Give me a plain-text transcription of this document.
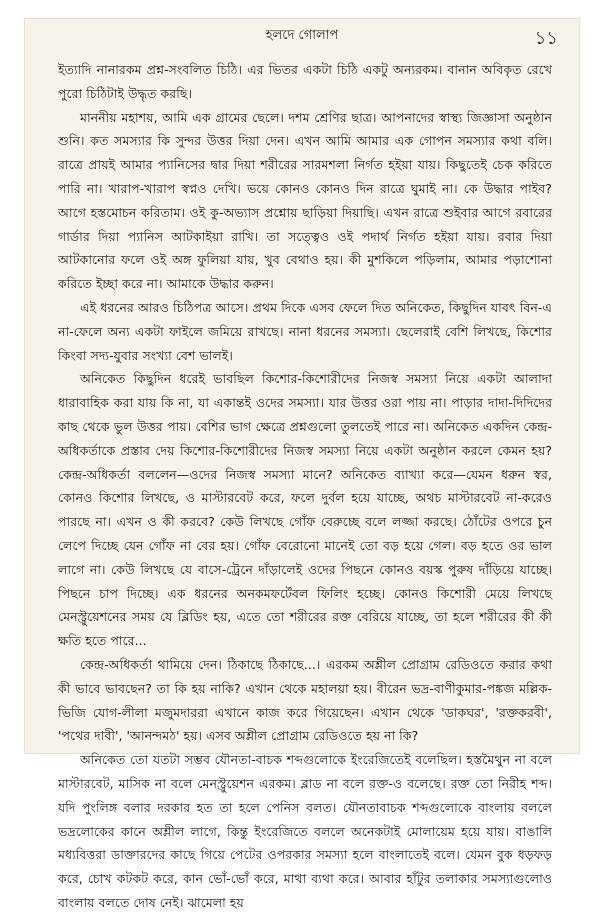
হলদে গোলাপ	১১

ইত্যাদি নানারকম প্রশ্ন-সংবলিত চিঠি। এর ভিতর একটা চিঠি একটু অন্যরকম। বানান অবিকৃত রেখে পুরো চিঠিটাই উদ্ধৃত করছি।

মাননীয় মহাশয়, আমি এক গ্রামের ছেলে। দশম শ্রেণির ছাত্র। আপনাদের স্বাস্থ্য জিজ্ঞাসা অনুষ্ঠান শুনি। কত সমস্যার কি সুন্দর উত্তর দিয়া দেন। এখন আমি আমার এক গোপন সমস্যার কথা বলি। রাত্রে প্রায়ই আমার প্যানিসের দ্বার দিয়া শরীরের সারমশলা নির্গত হইয়া যায়। কিছুতেই চেক করিতে পারি না। খারাপ-খারাপ স্বপ্নও দেখি। ভয়ে কোনও কোনও দিন রাত্রে ঘুমাই না। কে উদ্ধার পাইব? আগে হস্তমোচন করিতাম। ওই কু-অভ্যাস প্রশ্নোয় ছাড়িয়া দিয়াছি। এখন রাত্রে শুইবার আগে রবারের গার্ডার দিয়া প্যানিস আটকাইয়া রাখি। তা সত্ত্বেও ওই পদার্থ নির্গত হইয়া যায়। রবার দিয়া আটকানোর ফলে ওই অঙ্গ ফুলিয়া যায়, খুব বেথাও হয়। কী মুশকিলে পড়িলাম, আমার পড়াশোনা করিতে ইচ্ছা করে না। আমাকে উদ্ধার করুন।

এই ধরনের আরও চিঠিপত্র আসে। প্রথম দিকে এসব ফেলে দিত অনিকেত, কিছুদিন যাবৎ বিন-এ না-ফেলে অন্য একটা ফাইলে জমিয়ে রাখছে। নানা ধরনের সমস্যা। ছেলেরাই বেশি লিখছে, কিশোর কিংবা সদ্য-যুবার সংখ্যা বেশ ভালই।

অনিকেত কিছুদিন ধরেই ভাবছিল কিশোর-কিশোরীদের নিজস্ব সমস্যা নিয়ে একটা আলাদা ধারাবাহিক করা যায় কি না, যা একান্তই ওদের সমস্যা। যার উত্তর ওরা পায় না। পাড়ার দাদা-দিদিদের কাছ থেকে ভুল উত্তর পায়। বেশির ভাগ ক্ষেত্রে প্রশ্নগুলো তুলতেই পারে না। অনিকেত একদিন কেন্দ্র-অধিকর্তাকে প্রস্তাব দেয় কিশোর-কিশোরীদের নিজস্ব সমস্যা নিয়ে একটা অনুষ্ঠান করলে কেমন হয়? কেন্দ্র-অধিকর্তা বললেন—ওদের নিজস্ব সমস্যা মানে? অনিকেত ব্যাখ্যা করে—যেমন ধরুন স্বর, কোনও কিশোর লিখছে, ও মাস্টারবেট করে, ফলে দুর্বল হয়ে যাচ্ছে, অথচ মাস্টারবেট না-করেও পারছে না। এখন ও কী করবে? কেউ লিখছে গোঁফ বেরুচ্ছে বলে লজ্জা করছে। ঠোঁটের ওপরে চুন লেপে দিচ্ছে যেন গোঁফ না বের হয়। গোঁফ বেরোনো মানেই তো বড় হয়ে গেল। বড় হতে ওর ভাল লাগে না। কেউ লিখছে যে বাসে-ট্রেনে দাঁড়ালেই ওদের পিছনে কোনও বয়স্ক পুরুষ দাঁড়িয়ে যাচ্ছে। পিছনে চাপ দিচ্ছে। এক ধরনের অনকমফর্টেবল ফিলিং হচ্ছে। কোনও কিশোরী মেয়ে লিখছে মেনস্ট্রুয়েশনের সময় যে ব্লিডিং হয়, এতে তো শরীরের রক্ত বেরিয়ে যাচ্ছে, তা হলে শরীরের কী কী ক্ষতি হতে পারে...

কেন্দ্র-অধিকর্তা থামিয়ে দেন। ঠিকাছে ঠিকাছে...। এরকম অশ্লীল প্রোগ্রাম রেডিওতে করার কথা কী ভাবে ভাবছেন? তা কি হয় নাকি? এখান থেকে মহালয়া হয়। বীরেন ভদ্র-বাণীকুমার-পঙ্কজ মল্লিক-ভিজি যোগ-লীলা মজুমদাররা এখানে কাজ করে গিয়েছেন। এখান থেকে 'ডাকঘর', 'রক্তকরবী', 'পথের দাবী', 'আনন্দমঠ' হয়। এসব অশ্লীল প্রোগ্রাম রেডিওতে হয় না কি?

অনিকেত তো যতটা সম্ভব যৌনতা-বাচক শব্দগুলোকে ইংরেজিতেই বলেছিল। হস্তমৈথুন না বলে মাস্টারবেট, মাসিক না বলে মেনস্ট্রুয়েশন এরকম। ব্লাড না বলে রক্ত-ও বলেছে। রক্ত তো নিরীহ শব্দ। যদি পুংলিঙ্গ বলার দরকার হত তা হলে পেনিস বলত। যৌনতাবাচক শব্দগুলোকে বাংলায় বললে ভদ্রলোকের কানে অশ্লীল লাগে, কিন্তু ইংরেজিতে বললে অনেকটাই মোলায়েম হয়ে যায়। বাঙালি মধ্যবিত্তরা ডাক্তারদের কাছে গিয়ে পেটের ওপরকার সমস্যা হলে বাংলাতেই বলে। যেমন বুক ধড়ফড় করে, চোখ কটকট করে, কান ভোঁ-ভোঁ করে, মাথা ব্যথা করে। আবার হাঁটুর তলাকার সমস্যাগুলোও বাংলায় বলতে দোষ নেই। ঝামেলা হয়
